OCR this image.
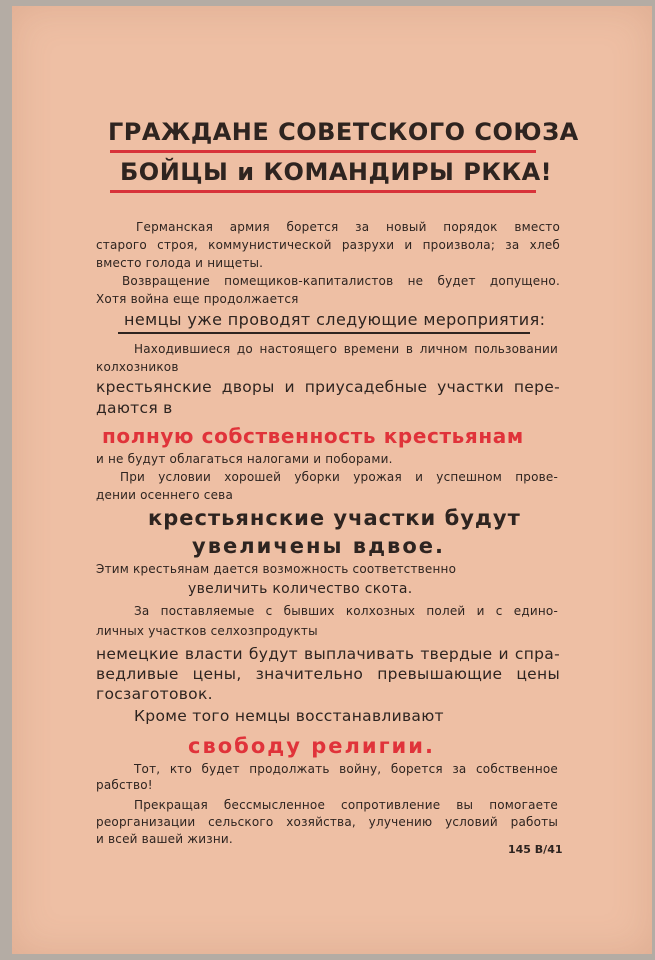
ГРАЖДАНЕ СОВЕТСКОГО СОЮЗА

БОЙЦЫ и КОМАНДИРЫ РККА!

Германская армия борется за новый порядок вместо

старого строя, коммунистической разрухи и произвола; за хлеб

вместо голода и нищеты.

Возвращение помещиков-капиталистов не будет допущено.

Хотя война еще продолжается

немцы уже проводят следующие мероприятия:

Находившиеся до настоящего времени в личном пользовании

колхозников

крестьянские дворы и приусадебные участки пере-

даются в

полную собственность крестьянам

и не будут облагаться налогами и поборами.

При условии хорошей уборки урожая и успешном прове-

дении осеннего сева

крестьянские участки будут

увеличены вдвое.

Этим крестьянам дается возможность соответственно

увеличить количество скота.

За поставляемые с бывших колхозных полей и с едино-

личных участков селхозпродукты

немецкие власти будут выплачивать твердые и спра-

ведливые цены, значительно превышающие цены

госзаготовок.

Кроме того немцы восстанавливают

свободу религии.

Тот, кто будет продолжать войну, борется за собственное

рабство!

Прекращая бессмысленное сопротивление вы помогаете

реорганизации сельского хозяйства, улучению условий работы

и всей вашей жизни.

145 В/41
